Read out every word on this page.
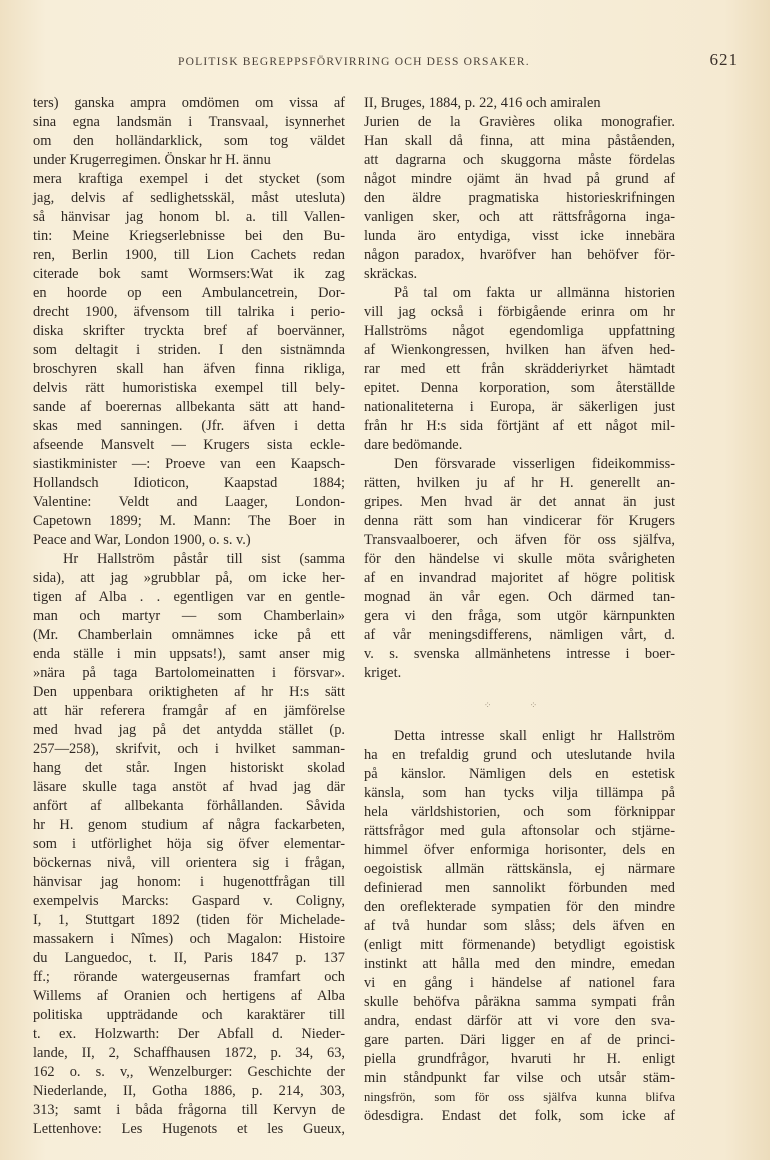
POLITISK BEGREPPSFÖRVIRRING OCH DESS ORSAKER.	621
ters) ganska ampra omdömen om vissa af
sina egna landsmän i Transvaal, isynnerhet
om den holländarklick, som tog väldet
under Krugerregimen. Önskar hr H. ännu
mera kraftiga exempel i det stycket (som
jag, delvis af sedlighetsskäl, måst utesluta)
så hänvisar jag honom bl. a. till Vallen-
tin: Meine Kriegserlebnisse bei den Bu-
ren, Berlin 1900, till Lion Cachets redan
citerade bok samt Wormsers:Wat ik zag
en hoorde op een Ambulancetrein, Dor-
drecht 1900, äfvensom till talrika i perio-
diska skrifter tryckta bref af boervänner,
som deltagit i striden. I den sistnämnda
broschyren skall han äfven finna rikliga,
delvis rätt humoristiska exempel till bely-
sande af boerernas allbekanta sätt att hand-
skas med sanningen. (Jfr. äfven i detta
afseende Mansvelt — Krugers sista eckle-
siastikminister —: Proeve van een Kaapsch-
Hollandsch Idioticon, Kaapstad 1884;
Valentine: Veldt and Laager, London-
Capetown 1899; M. Mann: The Boer in
Peace and War, London 1900, o. s. v.)
Hr Hallström påstår till sist (samma
sida), att jag »grubblar på, om icke her-
tigen af Alba . . egentligen var en gentle-
man och martyr — som Chamberlain»
(Mr. Chamberlain omnämnes icke på ett
enda ställe i min uppsats!), samt anser mig
»nära på taga Bartolomeinatten i försvar».
Den uppenbara oriktigheten af hr H:s sätt
att här referera framgår af en jämförelse
med hvad jag på det antydda stället (p.
257—258), skrifvit, och i hvilket samman-
hang det står. Ingen historiskt skolad
läsare skulle taga anstöt af hvad jag där
anfört af allbekanta förhållanden. Såvida
hr H. genom studium af några fackarbeten,
som i utförlighet höja sig öfver elementar-
böckernas nivå, vill orientera sig i frågan,
hänvisar jag honom: i hugenottfrågan till
exempelvis Marcks: Gaspard v. Coligny,
I, 1, Stuttgart 1892 (tiden för Michelade-
massakern i Nîmes) och Magalon: Histoire
du Languedoc, t. II, Paris 1847 p. 137
ff.; rörande watergeusernas framfart och
Willems af Oranien och hertigens af Alba
politiska uppträdande och karaktärer till
t. ex. Holzwarth: Der Abfall d. Nieder-
lande, II, 2, Schaffhausen 1872, p. 34, 63,
162 o. s. v,, Wenzelburger: Geschichte der
Niederlande, II, Gotha 1886, p. 214, 303,
313; samt i båda frågorna till Kervyn de
Lettenhove: Les Hugenots et les Gueux,
II, Bruges, 1884, p. 22, 416 och amiralen
Jurien de la Gravières olika monografier.
Han skall då finna, att mina påståenden,
att dagrarna och skuggorna måste fördelas
något mindre ojämt än hvad på grund af
den äldre pragmatiska historieskrifningen
vanligen sker, och att rättsfrågorna inga-
lunda äro entydiga, visst icke innebära
någon paradox, hvaröfver han behöfver för-
skräckas.
På tal om fakta ur allmänna historien
vill jag också i förbigående erinra om hr
Hallströms något egendomliga uppfattning
af Wienkongressen, hvilken han äfven hed-
rar med ett från skrädderiyrket hämtadt
epitet. Denna korporation, som återställde
nationaliteterna i Europa, är säkerligen just
från hr H:s sida förtjänt af ett något mil-
dare bedömande.
Den försvarade visserligen fideikommiss-
rätten, hvilken ju af hr H. generellt an-
gripes. Men hvad är det annat än just
denna rätt som han vindicerar för Krugers
Transvaalboerer, och äfven för oss själfva,
för den händelse vi skulle möta svårigheten
af en invandrad majoritet af högre politisk
mognad än vår egen. Och därmed tan-
gera vi den fråga, som utgör kärnpunkten
af vår meningsdifferens, nämligen vårt, d.
v. s. svenska allmänhetens intresse i boer-
kriget.
⁘ ⁘
Detta intresse skall enligt hr Hallström
ha en trefaldig grund och uteslutande hvila
på känslor. Nämligen dels en estetisk
känsla, som han tycks vilja tillämpa på
hela världshistorien, och som förknippar
rättsfrågor med gula aftonsolar och stjärne-
himmel öfver enformiga horisonter, dels en
oegoistisk allmän rättskänsla, ej närmare
definierad men sannolikt förbunden med
den oreflekterade sympatien för den mindre
af två hundar som slåss; dels äfven en
(enligt mitt förmenande) betydligt egoistisk
instinkt att hålla med den mindre, emedan
vi en gång i händelse af nationel fara
skulle behöfva påräkna samma sympati från
andra, endast därför att vi vore den sva-
gare parten. Däri ligger en af de princi-
piella grundfrågor, hvaruti hr H. enligt
min ståndpunkt far vilse och utsår stäm-
ningsfrön, som för oss själfva kunna blifva
ödesdigra. Endast det folk, som icke af
